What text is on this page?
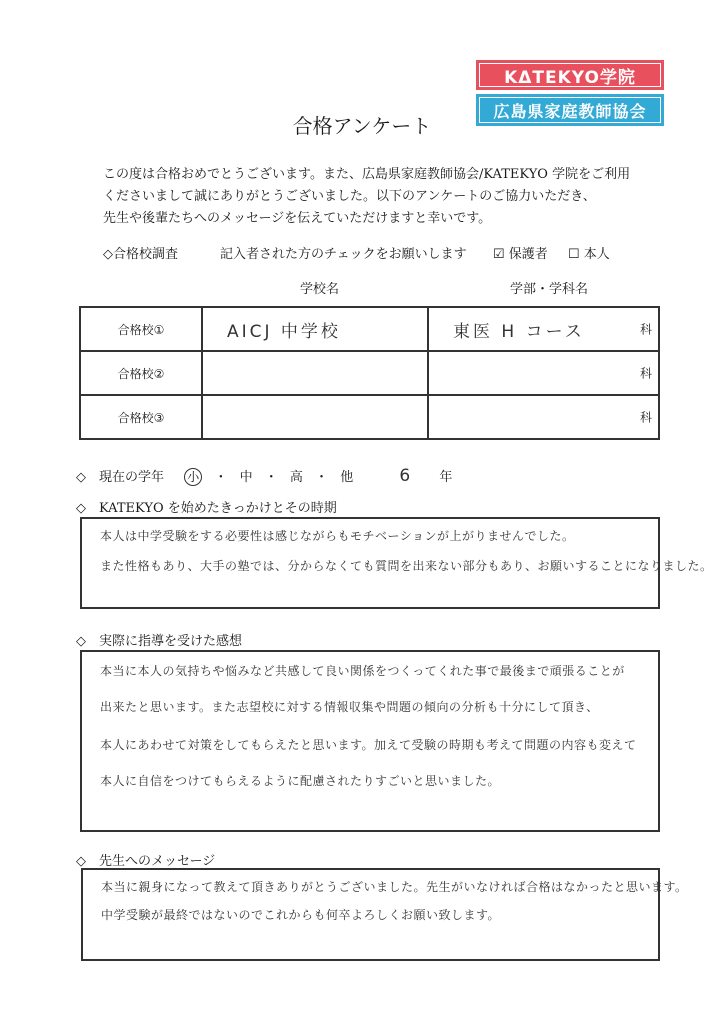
KΔTEKYO学院
広島県家庭教師協会
合格アンケート
この度は合格おめでとうございます。また、広島県家庭教師協会/KATEKYO 学院をご利用
くださいまして誠にありがとうございました。以下のアンケートのご協力いただき、
先生や後輩たちへのメッセージを伝えていただけますと幸いです。
◇合格校調査	記入者された方のチェックをお願いします ☑ 保護者 ☐ 本人
学校名	学部・学科名
合格校①	AICJ 中学校	東医 H コース 科

合格校②		科

合格校③		科
◇　現在の学年 小 ・ 中 ・ 高 ・ 他	6 年
◇　KATEKYO を始めたきっかけとその時期
本人は中学受験をする必要性は感じながらもモチベーションが上がりませんでした。
また性格もあり、大手の塾では、分からなくても質問を出来ない部分もあり、お願いすることになりました。
◇　実際に指導を受けた感想
本当に本人の気持ちや悩みなど共感して良い関係をつくってくれた事で最後まで頑張ることが
出来たと思います。また志望校に対する情報収集や問題の傾向の分析も十分にして頂き、
本人にあわせて対策をしてもらえたと思います。加えて受験の時期も考えて問題の内容も変えて
本人に自信をつけてもらえるように配慮されたりすごいと思いました。
◇　先生へのメッセージ
本当に親身になって教えて頂きありがとうございました。先生がいなければ合格はなかったと思います。
中学受験が最終ではないのでこれからも何卒よろしくお願い致します。
